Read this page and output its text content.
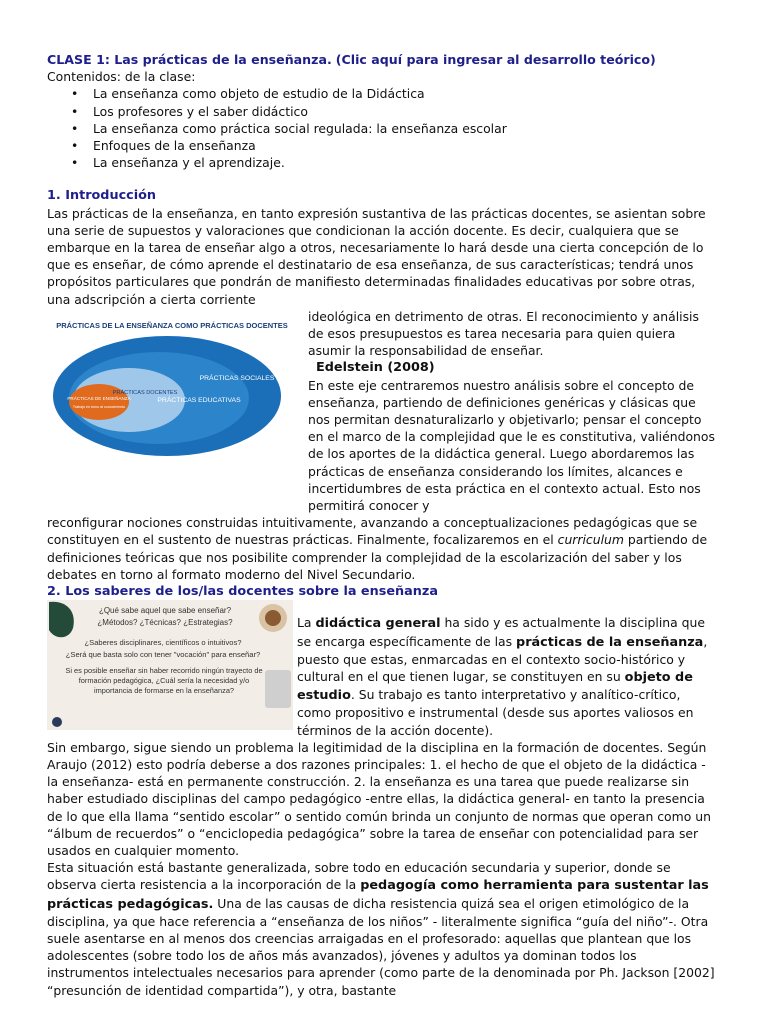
CLASE 1: Las prácticas de la enseñanza. (Clic aquí para ingresar al desarrollo teórico)

Contenidos: de la clase:

• La enseñanza como objeto de estudio de la Didáctica
• Los profesores y el saber didáctico
• La enseñanza como práctica social regulada: la enseñanza escolar
• Enfoques de la enseñanza
• La enseñanza y el aprendizaje.

1. Introducción

Las prácticas de la enseñanza, en tanto expresión sustantiva de las prácticas docentes, se asientan sobre una serie de supuestos y valoraciones que condicionan la acción docente. Es decir, cualquiera que se embarque en la tarea de enseñar algo a otros, necesariamente lo hará desde una cierta concepción de lo que es enseñar, de cómo aprende el destinatario de esa enseñanza, de sus características; tendrá unos propósitos particulares que pondrán de manifiesto determinadas finalidades educativas por sobre otras, una adscripción a cierta corriente

PRÁCTICAS DE LA ENSEÑANZA COMO PRÁCTICAS DOCENTES
PRÁCTICAS SOCIALES
PRÁCTICAS EDUCATIVAS
PRÁCTICAS DOCENTES
PRÁCTICAS DE ENSEÑANZA
Trabajo en torno al conocimiento

ideológica en detrimento de otras. El reconocimiento y análisis de esos presupuestos es tarea necesaria para quien quiera asumir la responsabilidad de enseñar.

Edelstein (2008)

En este eje centraremos nuestro análisis sobre el concepto de enseñanza, partiendo de definiciones genéricas y clásicas que nos permitan desnaturalizarlo y objetivarlo; pensar el concepto en el marco de la complejidad que le es constitutiva, valiéndonos de los aportes de la didáctica general. Luego abordaremos las prácticas de enseñanza considerando los límites, alcances e incertidumbres de esta práctica en el contexto actual. Esto nos permitirá conocer y

reconfigurar nociones construidas intuitivamente, avanzando a conceptualizaciones pedagógicas que se constituyen en el sustento de nuestras prácticas. Finalmente, focalizaremos en el curriculum partiendo de definiciones teóricas que nos posibilite comprender la complejidad de la escolarización del saber y los debates en torno al formato moderno del Nivel Secundario.

2. Los saberes de los/las docentes sobre la enseñanza

¿Qué sabe aquel que sabe enseñar?
¿Métodos? ¿Técnicas? ¿Estrategias?
¿Saberes disciplinares, científicos o intuitivos?
¿Será que basta solo con tener "vocación" para enseñar?
Si es posible enseñar sin haber recorrido ningún trayecto de formación pedagógica, ¿Cuál sería la necesidad y/o importancia de formarse en la enseñanza?

La didáctica general ha sido y es actualmente la disciplina que se encarga específicamente de las prácticas de la enseñanza, puesto que estas, enmarcadas en el contexto socio-histórico y cultural en el que tienen lugar, se constituyen en su objeto de estudio. Su trabajo es tanto interpretativo y analítico-crítico, como propositivo e instrumental (desde sus aportes valiosos en términos de la acción docente).

Sin embargo, sigue siendo un problema la legitimidad de la disciplina en la formación de docentes. Según Araujo (2012) esto podría deberse a dos razones principales: 1. el hecho de que el objeto de la didáctica -la enseñanza- está en permanente construcción. 2. la enseñanza es una tarea que puede realizarse sin haber estudiado disciplinas del campo pedagógico -entre ellas, la didáctica general- en tanto la presencia de lo que ella llama “sentido escolar” o sentido común brinda un conjunto de normas que operan como un “álbum de recuerdos” o “enciclopedia pedagógica” sobre la tarea de enseñar con potencialidad para ser usados en cualquier momento.

Esta situación está bastante generalizada, sobre todo en educación secundaria y superior, donde se observa cierta resistencia a la incorporación de la pedagogía como herramienta para sustentar las prácticas pedagógicas. Una de las causas de dicha resistencia quizá sea el origen etimológico de la disciplina, ya que hace referencia a “enseñanza de los niños” - literalmente significa “guía del niño”-. Otra suele asentarse en al menos dos creencias arraigadas en el profesorado: aquellas que plantean que los adolescentes (sobre todo los de años más avanzados), jóvenes y adultos ya dominan todos los instrumentos intelectuales necesarios para aprender (como parte de la denominada por Ph. Jackson [2002] “presunción de identidad compartida”), y otra, bastante
